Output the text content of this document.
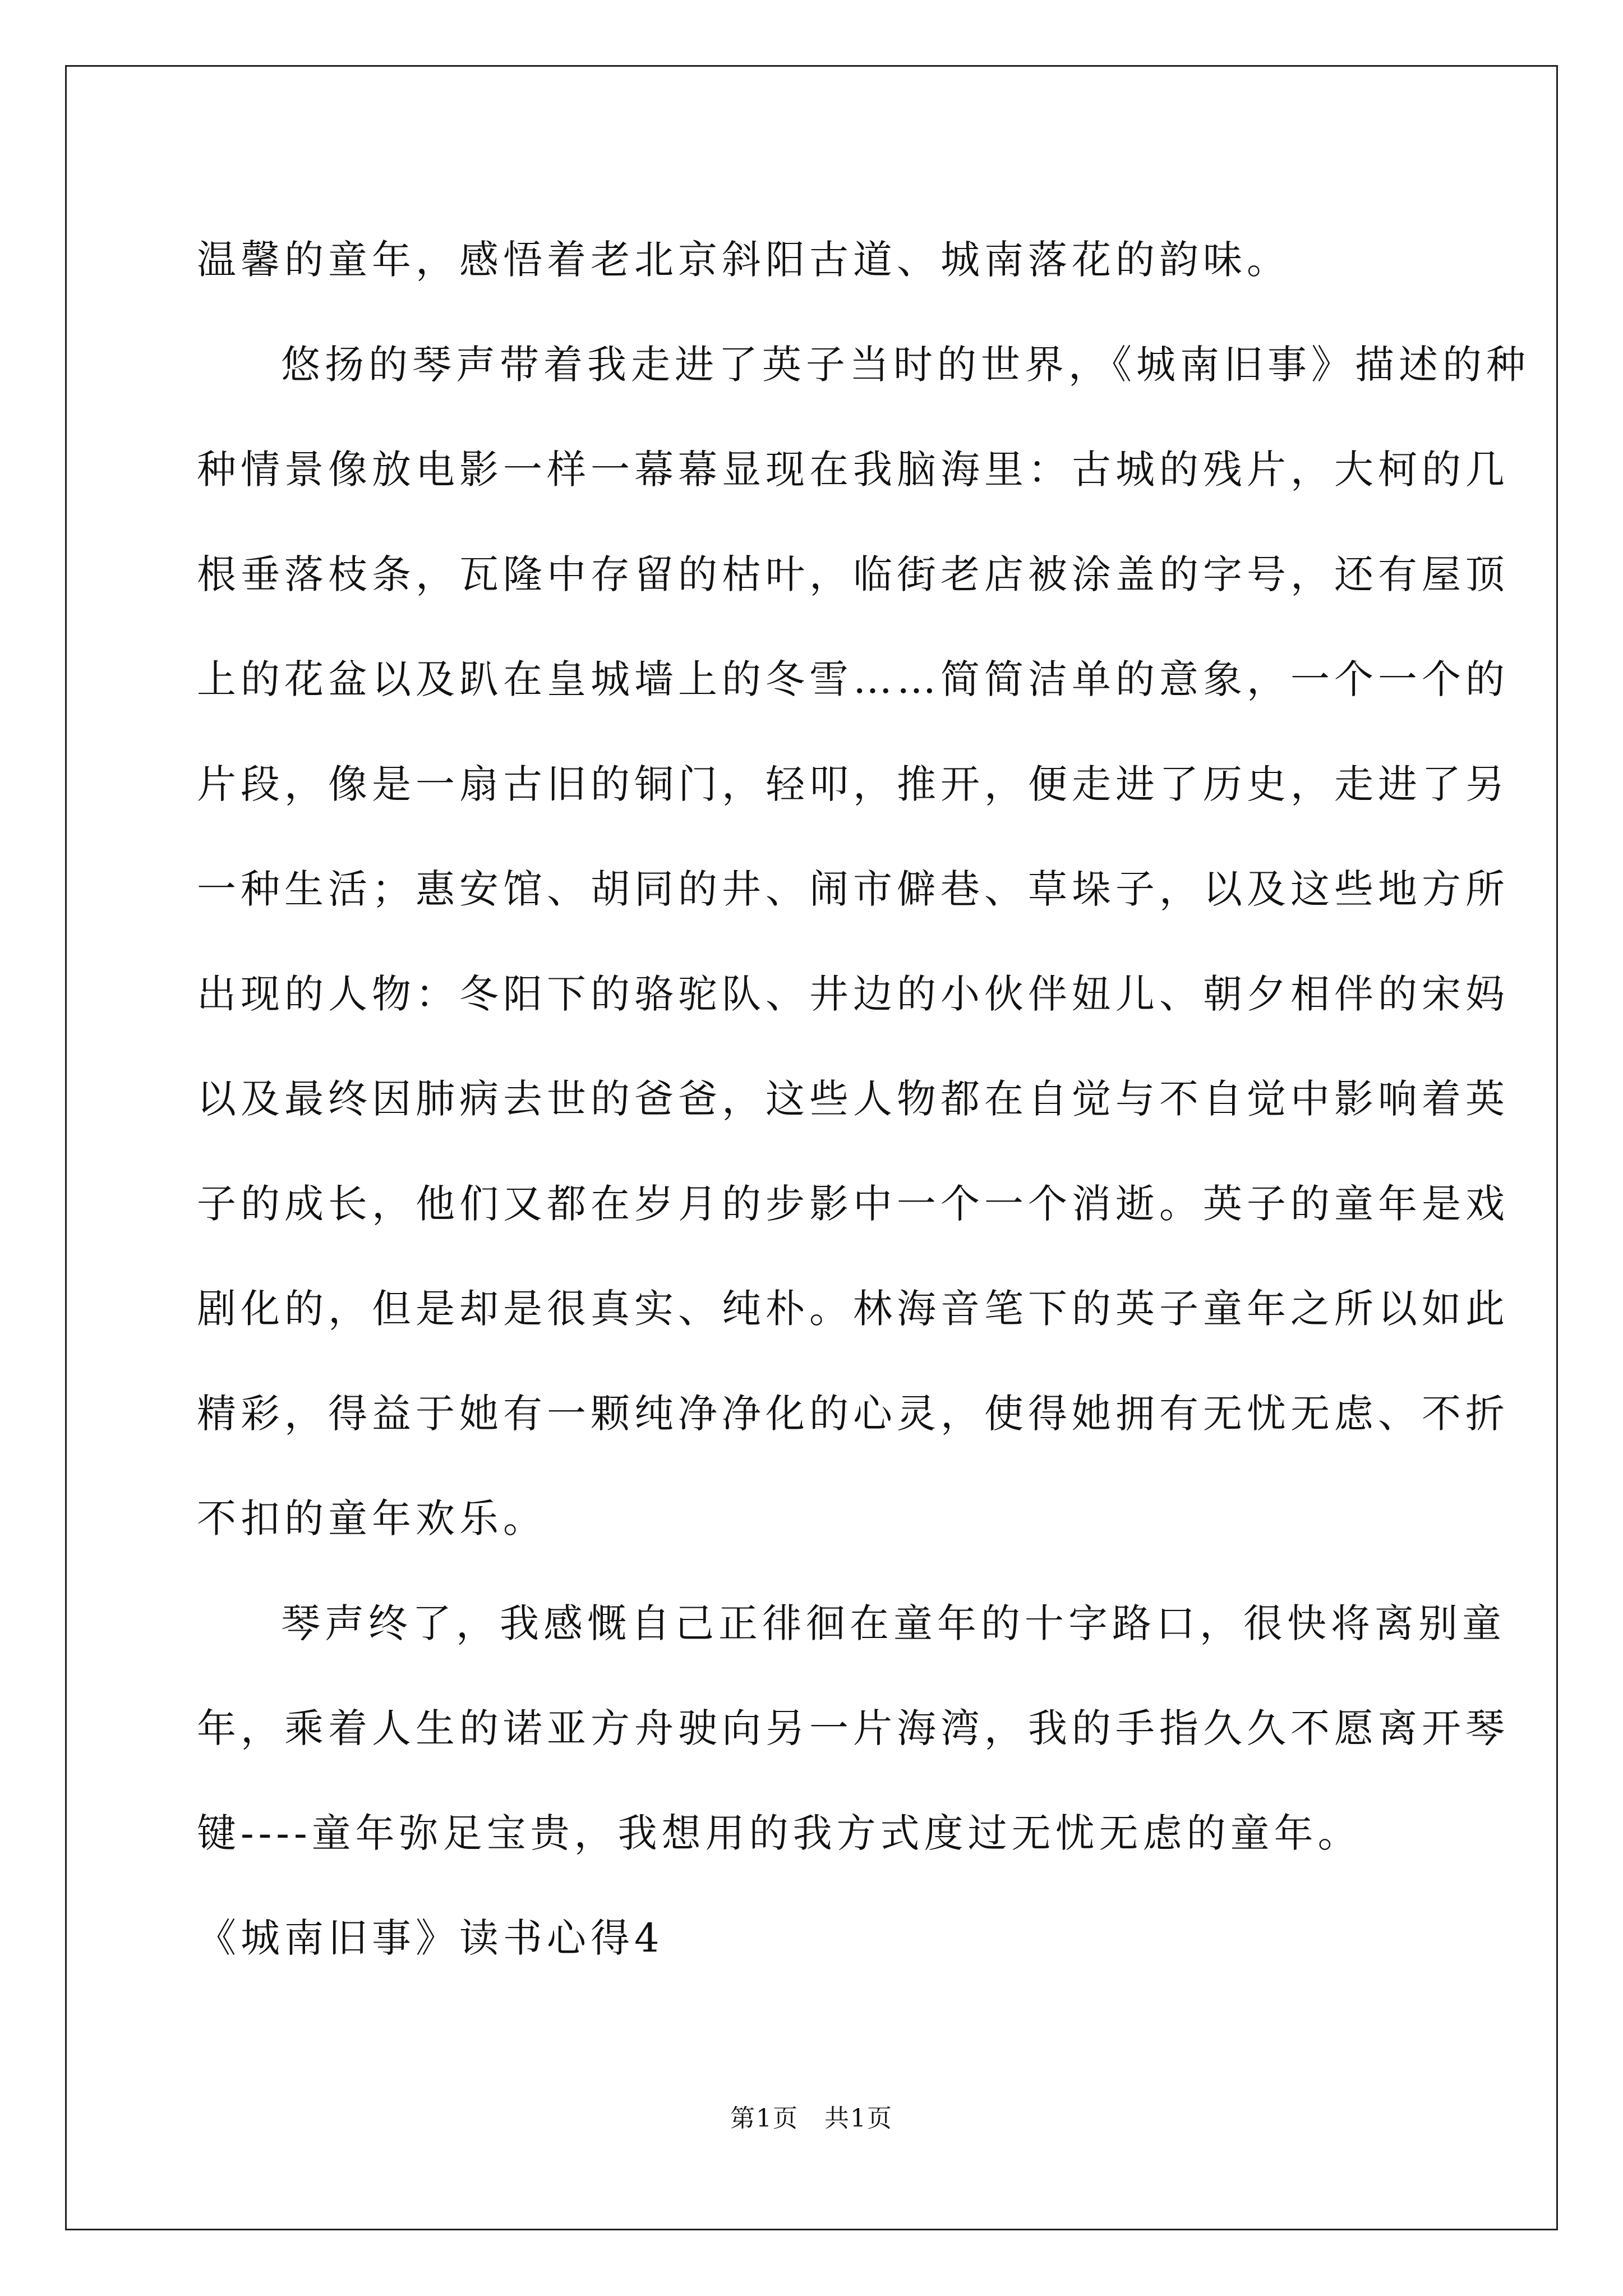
温馨的童年，感悟着老北京斜阳古道、城南落花的韵味。
悠扬的琴声带着我走进了英子当时的世界，《城南旧事》描述的种
种情景像放电影一样一幕幕显现在我脑海里：古城的残片，大柯的几
根垂落枝条，瓦隆中存留的枯叶，临街老店被涂盖的字号，还有屋顶
上的花盆以及趴在皇城墙上的冬雪……简简洁单的意象，一个一个的
片段，像是一扇古旧的铜门，轻叩，推开，便走进了历史，走进了另
一种生活；惠安馆、胡同的井、闹市僻巷、草垛子，以及这些地方所
出现的人物：冬阳下的骆驼队、井边的小伙伴妞儿、朝夕相伴的宋妈
以及最终因肺病去世的爸爸，这些人物都在自觉与不自觉中影响着英
子的成长，他们又都在岁月的步影中一个一个消逝。英子的童年是戏
剧化的，但是却是很真实、纯朴。林海音笔下的英子童年之所以如此
精彩，得益于她有一颗纯净净化的心灵，使得她拥有无忧无虑、不折
不扣的童年欢乐。
琴声终了，我感慨自己正徘徊在童年的十字路口，很快将离别童
年，乘着人生的诺亚方舟驶向另一片海湾，我的手指久久不愿离开琴
键----童年弥足宝贵，我想用的我方式度过无忧无虑的童年。
《城南旧事》读书心得4
第1页　共1页
